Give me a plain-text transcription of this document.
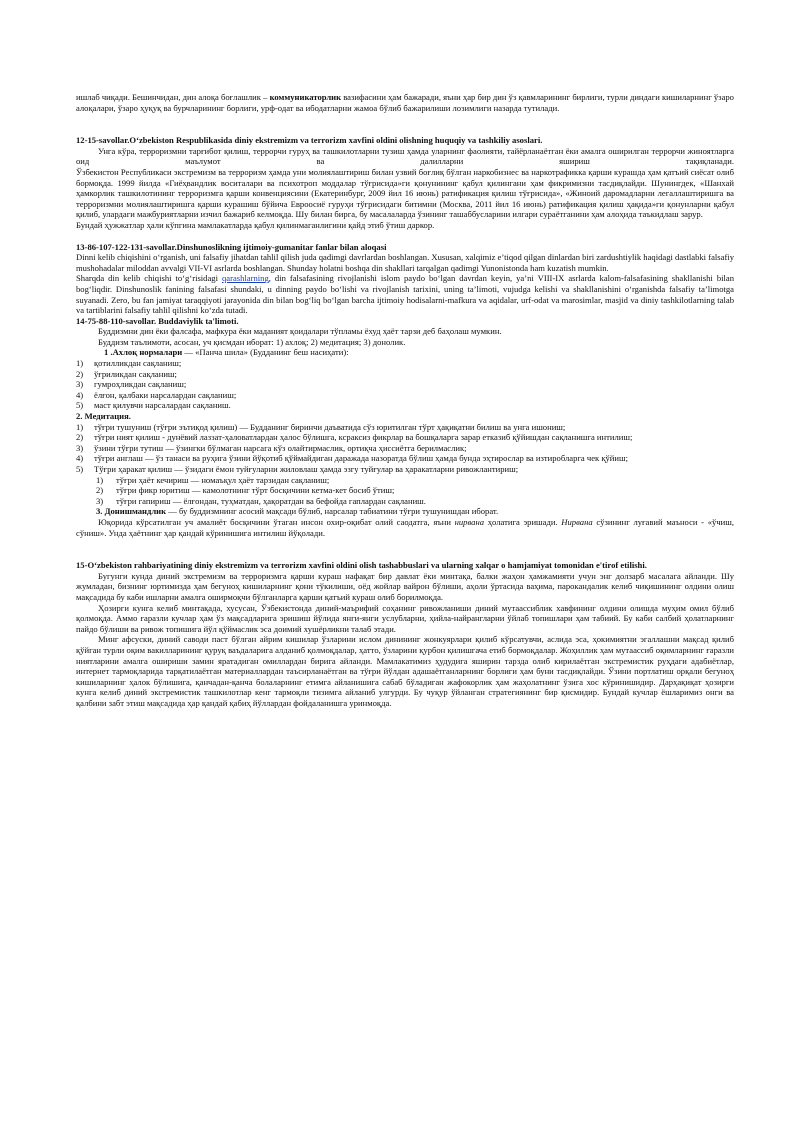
ишлаб чиқади. Бешинчидан, дин алоқа боғлашлик – коммуникаторлик вазифасини ҳам бажаради, яъни ҳар бир дин ўз қавмларининг бирлиги, турли диндаги кишиларнинг ўзаро алоқалари, ўзаро ҳуқуқ ва бурчларининг борлиги, урф-одат ва ибодатларни жамоа бўлиб бажарилиши лозимлиги назарда тутилади.

12-15-savollar.O‘zbekiston Respublikasida diniy ekstremizm va terrorizm xavfini oldini olishning huquqiy va tashkiliy asoslari.

Унга кўра, терроризмни тарғибот қилиш, террорчи гуруҳ ва ташкилотларни тузиш ҳамда уларнинг фаолияти, тайёрланаётган ёки амалга оширилган террорчи жиноятларга оид маълумот ва далилларни яшириш тақиқланади.

Ўзбекистон Республикаси экстремизм ва терроризм ҳамда уни молиялаштириш билан узвий боғлиқ бўлган наркобизнес ва наркотрафикка қарши курашда ҳам қатъий сиёсат олиб бормоқда. 1999 йилда «Гиёҳвандлик воситалари ва психотроп моддалар тўғрисида»ги қонунининг қабул қилингани ҳам фикримизни тасдиқлайди. Шунингдек, «Шанхай ҳамкорлик ташкилотининг терроризмга қарши конвенциясини (Екатеринбург, 2009 йил 16 июнь) ратификация қилиш тўғрисида», «Жиноий даромадларни легаллаштиришга ва терроризмни молиялаштиришга қарши курашиш бўйича Евроосиё гуруҳи тўғрисидаги битимни (Москва, 2011 йил 16 июнь) ратификация қилиш ҳақида»ги қонунларни қабул қилиб, улардаги мажбуриятларни изчил бажариб келмоқда. Шу билан бирга, бу масалаларда ўзининг ташаббусларини илгари сураётганини ҳам алоҳида таъкидлаш зарур.

Бундай ҳужжатлар ҳали кўпгина мамлакатларда қабул қилинмаганлигини қайд этиб ўтиш даркор.

13-86-107-122-131-savollar.Dinshunoslikning ijtimoiy-gumanitar fanlar bilan aloqasi

Dinni kelib chiqishini o‘rganish, uni falsafiy jihatdan tahlil qilish juda qadimgi davrlardan boshlangan. Xususan, xalqimiz e’tiqod qilgan dinlardan biri zardushtiylik haqidagi dastlabki falsafiy mushohadalar miloddan avvalgi VII-VI asrlarda boshlangan. Shunday holatni boshqa din shakllari tarqalgan qadimgi Yunonistonda ham kuzatish mumkin.

Sharqda din kelib chiqishi to‘g‘risidagi qarashlarning, din falsafasining rivojlanishi islom paydo bo‘lgan davrdan keyin, ya’ni VIII-IX asrlarda kalom-falsafasining shakllanishi bilan bog‘liqdir. Dinshunoslik fanining falsafasi shundaki, u dinning paydo bo‘lishi va rivojlanish tarixini, uning ta’limoti, vujudga kelishi va shakllanishini o‘rganishda falsafiy ta’limotga suyanadi. Zero, bu fan jamiyat taraqqiyoti jarayonida din bilan bog‘liq bo‘lgan barcha ijtimoiy hodisalarni-mafkura va aqidalar, urf-odat va marosimlar, masjid va diniy tashkilotlarning talab va tartiblarini falsafiy tahlil qilishni ko‘zda tutadi.

14-75-88-110-savollar. Buddaviylik ta'limoti.

Буддизмни дин ёки фалсафа, мафкура ёки маданият қоидалари тўпламы ёхуд ҳаёт тарзи деб баҳолаш мумкин.

Буддизм таълимоти, асосан, уч қисмдан иборат: 1) ахлоқ; 2) медитация; 3) донолик.

1 .Ахлоқ нормалари — «Панча шила» (Будданинг беш насиҳати):

1)	қотилликдан сақланиш;
2)	ўғриликдан сақланиш;
3)	гумроҳликдан сақланиш;
4)	ёлғон, қалбаки нарсалардан сақланиш;
5)	маст қилувчи нарсалардан сақланиш.

2. Медитация.

1)	тўғри тушуниш (тўғри эътиқод қилиш) — Будданинг биринчи даъватида сўз юритилган тўрт ҳақиқатни билиш ва унга ишониш;
2)	тўғри ният қилиш - дунёвий лаззат-ҳаловатлардан ҳалос бўлишга, ксраксиз фикрлар ва бошқаларга зарар етказиб қўйишдан сақланишга интилиш;
3)	ўзини тўғри тутиш — ўзингки бўлмаган нарсага кўз олайтирмаслик, ортиқча ҳиссиётга берилмаслик;
4)	тўғри англаш — ўз танаси ва руҳига ўзини йўқотиб қўймайдиган даражада назоратда бўлиш ҳамда бунда эҳтирослар ва изтиробларга чек қўйиш;
5)	Тўғри ҳаракат қилиш — ўзидаги ёмон туйғуларни жиловлаш ҳамда эзгу туйғулар ва ҳаракатларни ривожлантириш;
1)	тўғри ҳаёт кечириш — номаъқул ҳаёт тарзидан сақланиш;
2)	тўғри фикр юритиш — камолотнинг тўрт босқичини кетма-кет босиб ўтиш;
3)	тўғри гапириш — ёлғондан, туҳматдан, ҳақоратдан ва бефойда гаплардан сақланиш.

3. Донишмандлик — бу буддизмнинг асосий мақсади бўлиб, нарсалар табиатини тўғри тушунишдан иборат.

Юқорида кўрсатилган уч амалиёт босқичини ўтаган инсон охир-оқибат олий саодатга, яъни нирвана ҳолатига эришади. Нирвана сўзининг луғавий маъноси - «ўчиш, сўниш». Унда ҳаётнинг ҳар қандай кўринишига интилиш йўқолади.

15-O‘zbekiston rahbariyatining diniy ekstremizm va terrorizm xavfini oldini olish tashabbuslari va ularning xalqar o hamjamiyat tomonidan e'tirof etilishi.

Бугунги кунда диний экстремизм ва терроризмга қарши кураш нафақат бир давлат ёки минтақа, балки жаҳон ҳамжамияти учун энг долзарб масалага айланди. Шу жумладан, бизнинг юртимизда ҳам бегуноҳ кишиларнинг қони тўкилиши, оёд жойлар вайрон бўлиши, аҳоли ўртасида ваҳима, парокандалик келиб чиқишининг олдини олиш мақсадида бу каби ишларни амалга оширмоқчи бўлганларга қарши қатъий кураш олиб борилмоқда.

Ҳозирги кунга келиб минтақада, хусусан, Ўзбекистонда диний-маърифий соҳанинг ривожланиши диний мутаассиблик хавфининг олдини олишда муҳим омил бўлиб қолмоқда. Аммо ғаразли кучлар ҳам ўз мақсадларига эришиш йўлида янги-янги услубларни, ҳийла-найрангларни ўйлаб топишлари ҳам табиий. Бу каби салбий ҳолатларнинг пайдо бўлиши ва ривож топишига йўл қўймаслик эса доимий хушёрликни талаб этади.

Минг афсуски, диний саводи паст бўлган айрим кишилар ўзларини ислом динининг жонкуярлари қилиб кўрсатувчи, аслида эса, ҳокимиятни эгаллашни мақсад қилиб қўйган турли оқим вакилларининг қуруқ ваъдаларига алданиб қолмоқдалар, ҳаттo, ўзларини қурбон қилишгача етиб бормоқдалар. Жоҳиллик ҳам мутаассиб оқимларнинг ғаразли ниятларини амалга ошириши замин яратадиган омиллардан бирига айланди. Мамлакатимиз ҳудудига яширин тарзда олиб кирилаётган экстремистик руҳдаги адабиётлар, интернет тармоқларида тарқатилаётган материаллардан таъсирланаётган ва тўғри йўлдан адашаётганларнинг борлиги ҳам буни тасдиқлайди. Ўзини портлатиш орқали бегуноҳ кишиларнинг ҳалок бўлишига, қанчадан-қанча болаларнинг етимга айланишига сабаб бўладиган жафокорлик ҳам жаҳолатнинг ўзига хос кўринишидир. Дарҳақиқат ҳозирги кунга келиб диний экстремистик ташкилотлар кенг тармоқли тизимга айланиб улгурди. Бу чуқур ўйланган стратегиянинг бир қисмидир. Бундай кучлар ёшларимиз онги ва қалбини забт этиш мақсадида ҳар қандай қабиҳ йўллардан фойдаланишга уринмоқда.
